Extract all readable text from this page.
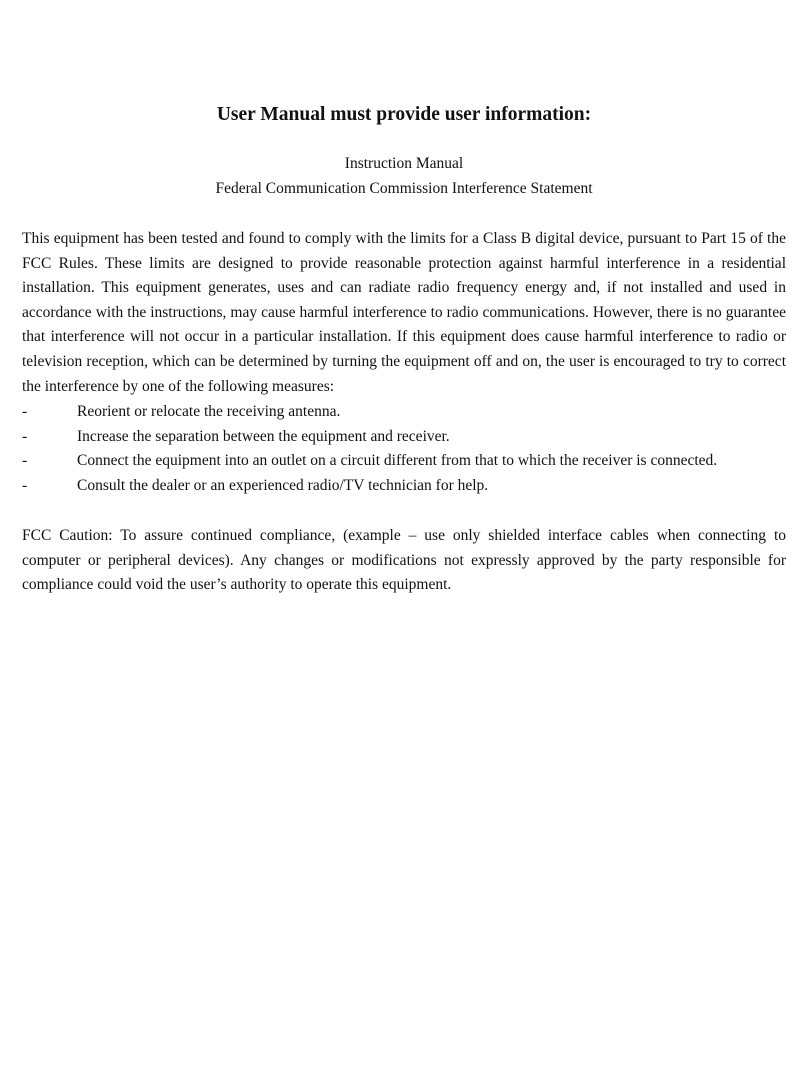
User Manual must provide user information:

Instruction Manual

Federal Communication Commission Interference Statement

This equipment has been tested and found to comply with the limits for a Class B digital device, pursuant to Part 15 of the FCC Rules. These limits are designed to provide reasonable protection against harmful interference in a residential installation. This equipment generates, uses and can radiate radio frequency energy and, if not installed and used in accordance with the instructions, may cause harmful interference to radio communications. However, there is no guarantee that interference will not occur in a particular installation. If this equipment does cause harmful interference to radio or television reception, which can be determined by turning the equipment off and on, the user is encouraged to try to correct the interference by one of the following measures:

-	Reorient or relocate the receiving antenna.
-	Increase the separation between the equipment and receiver.
-	Connect the equipment into an outlet on a circuit different from that to which the receiver is connected.
-	Consult the dealer or an experienced radio/TV technician for help.

FCC Caution: To assure continued compliance, (example – use only shielded interface cables when connecting to computer or peripheral devices). Any changes or modifications not expressly approved by the party responsible for compliance could void the user’s authority to operate this equipment.
